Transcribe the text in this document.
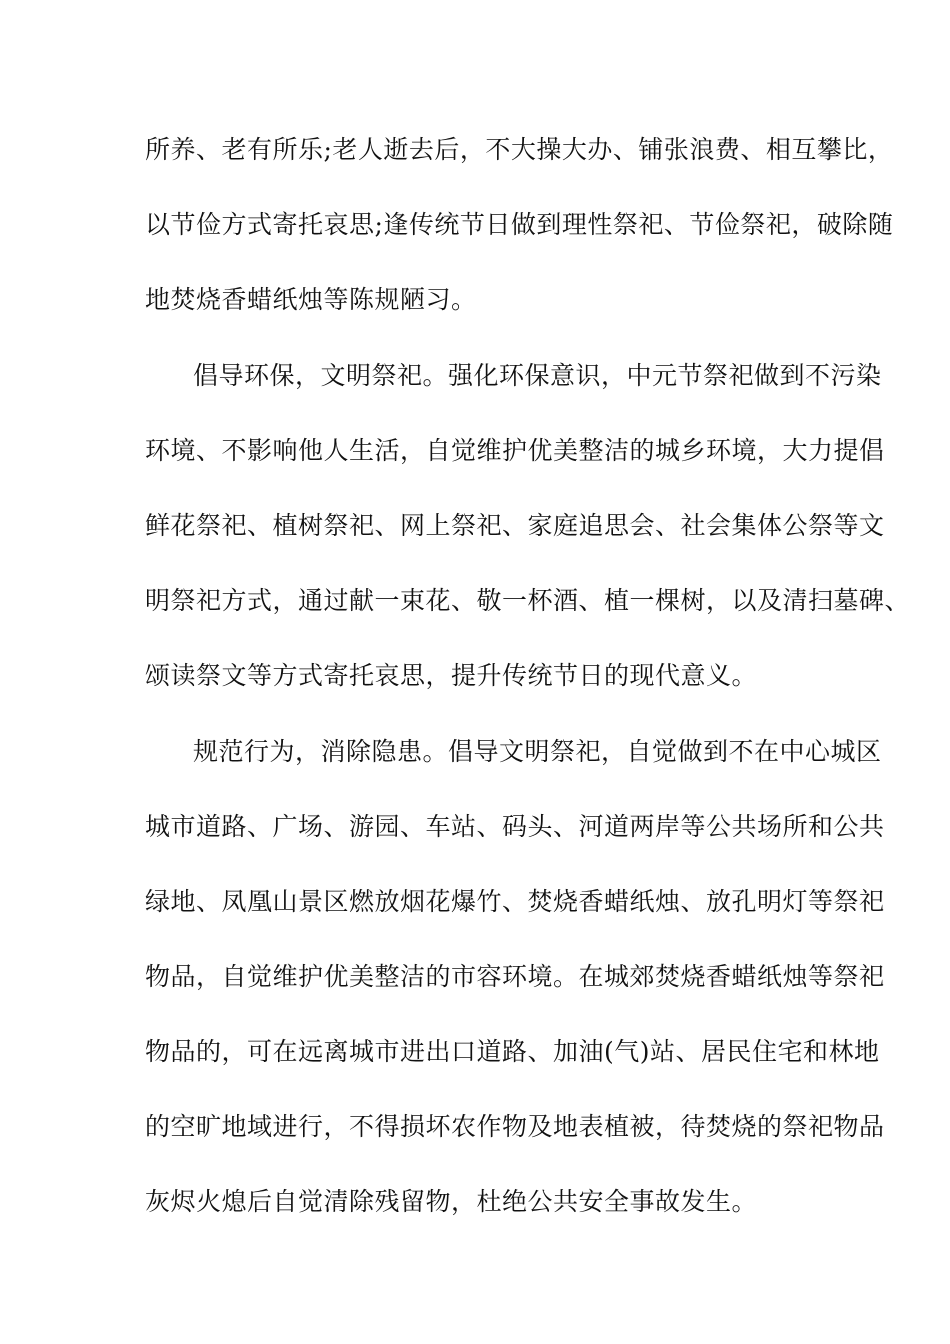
所养、老有所乐;老人逝去后，不大操大办、铺张浪费、相互攀比，
以节俭方式寄托哀思;逢传统节日做到理性祭祀、节俭祭祀，破除随
地焚烧香蜡纸烛等陈规陋习。
倡导环保，文明祭祀。强化环保意识，中元节祭祀做到不污染
环境、不影响他人生活，自觉维护优美整洁的城乡环境，大力提倡
鲜花祭祀、植树祭祀、网上祭祀、家庭追思会、社会集体公祭等文
明祭祀方式，通过献一束花、敬一杯酒、植一棵树，以及清扫墓碑、
颂读祭文等方式寄托哀思，提升传统节日的现代意义。
规范行为，消除隐患。倡导文明祭祀，自觉做到不在中心城区
城市道路、广场、游园、车站、码头、河道两岸等公共场所和公共
绿地、凤凰山景区燃放烟花爆竹、焚烧香蜡纸烛、放孔明灯等祭祀
物品，自觉维护优美整洁的市容环境。在城郊焚烧香蜡纸烛等祭祀
物品的，可在远离城市进出口道路、加油(气)站、居民住宅和林地
的空旷地域进行，不得损坏农作物及地表植被，待焚烧的祭祀物品
灰烬火熄后自觉清除残留物，杜绝公共安全事故发生。
